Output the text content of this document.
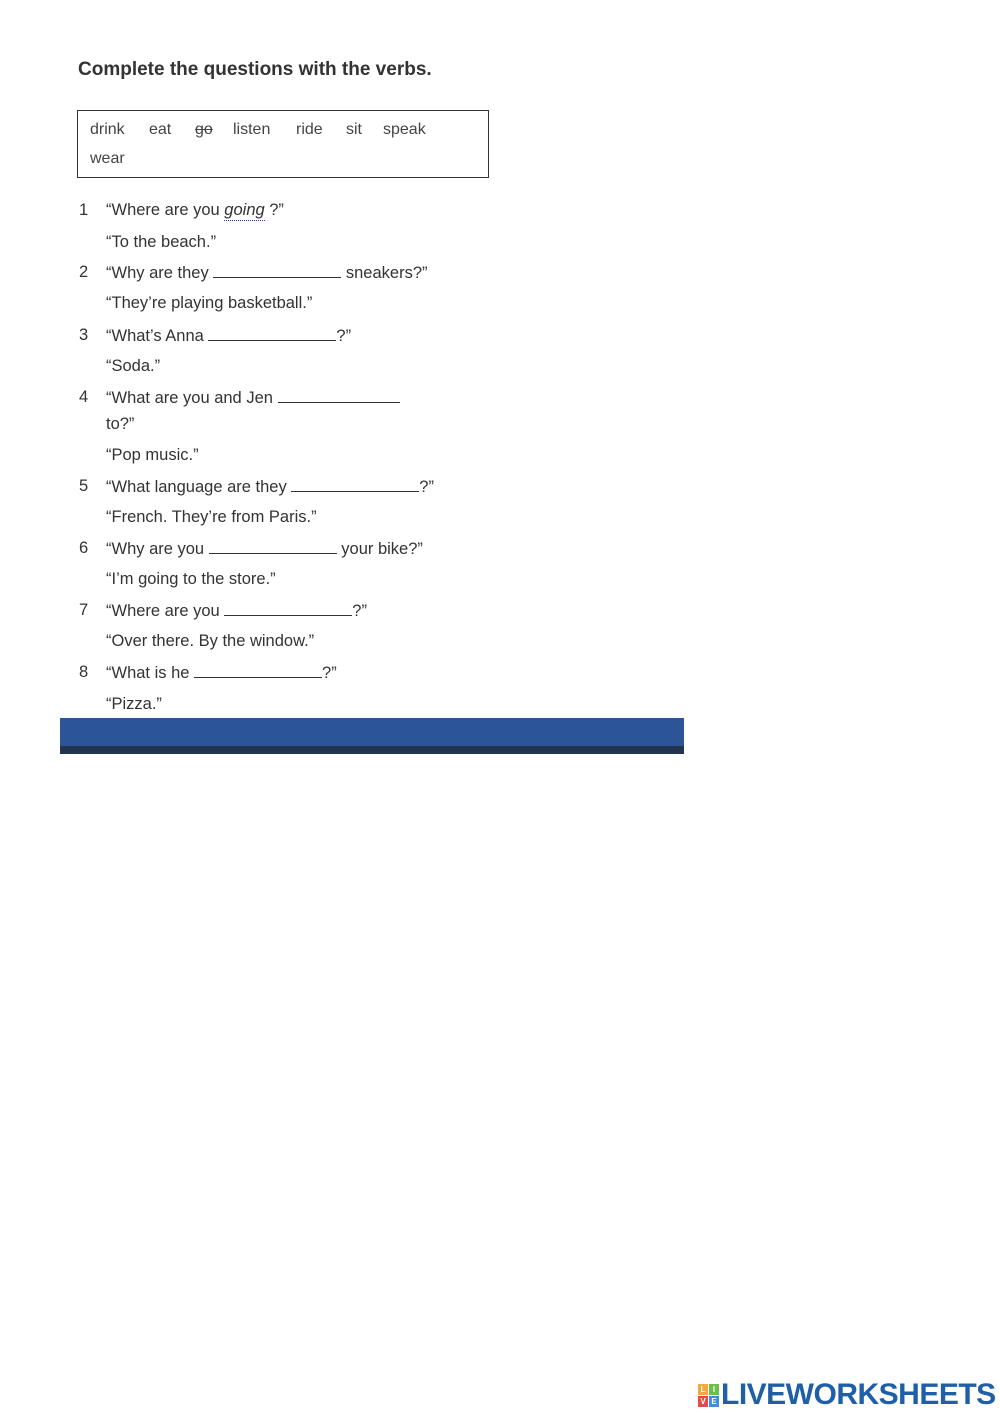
Complete the questions with the verbs.
drink eat go listen ride sit speak
wear
1 “Where are you going ?”
“To the beach.”
2 “Why are they	sneakers?”
“They’re playing basketball.”
3 “What’s Anna	?”
“Soda.”
4 “What are you and Jen
to?”
“Pop music.”
5 “What language are they	?”
“French. They’re from Paris.”
6 “Why are you	your bike?”
“I’m going to the store.”
7 “Where are you	?”
“Over there. By the window.”
8 “What is he	?”
“Pizza.”
L I
V E LIVEWORKSHEETS
